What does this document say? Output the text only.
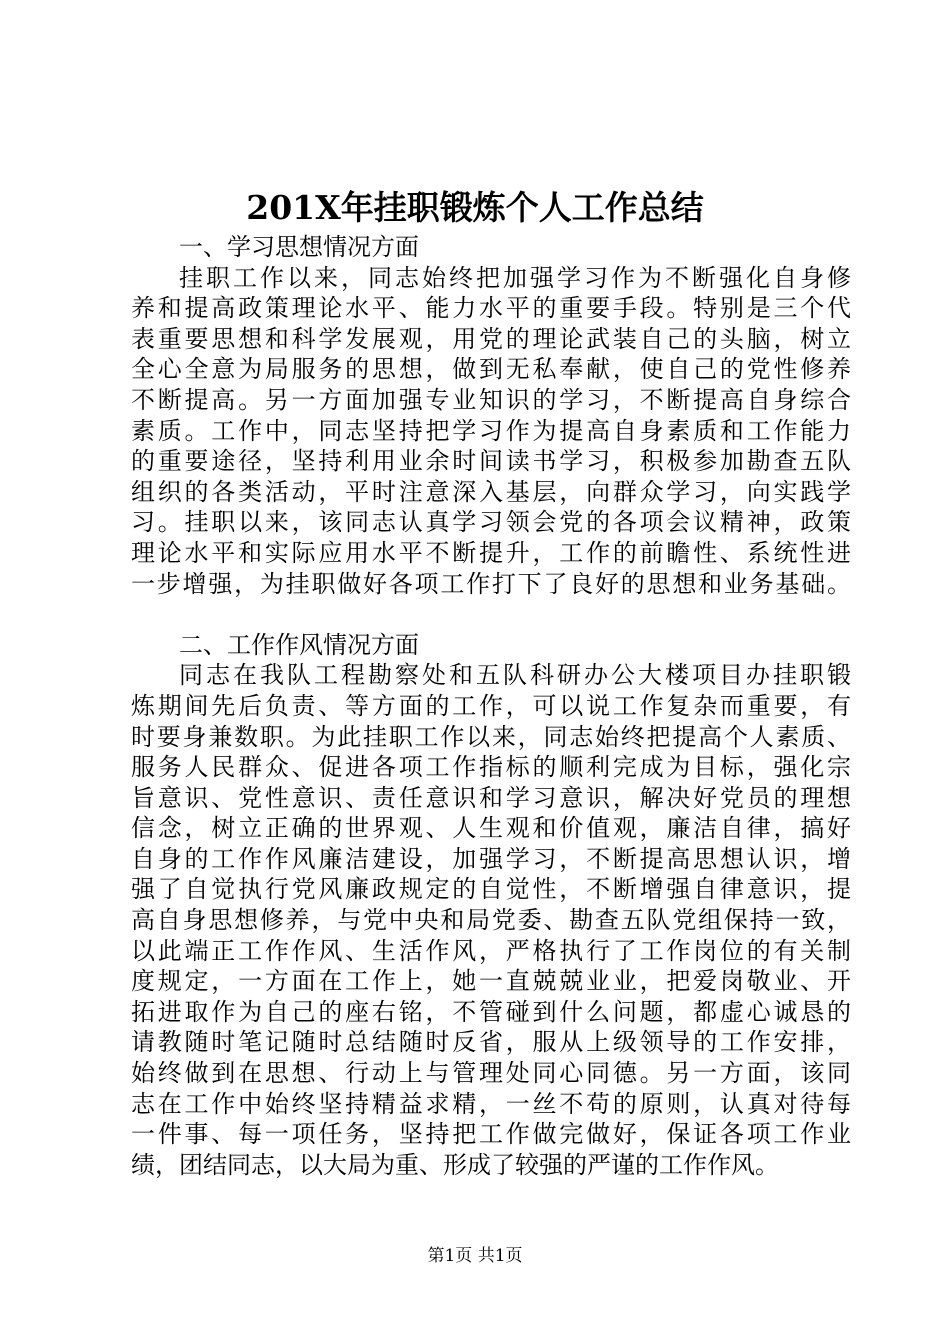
201X年挂职锻炼个人工作总结
一、学习思想情况方面
挂职工作以来，同志始终把加强学习作为不断强化自身修
养和提高政策理论水平、能力水平的重要手段。特别是三个代
表重要思想和科学发展观，用党的理论武装自己的头脑，树立
全心全意为局服务的思想，做到无私奉献，使自己的党性修养
不断提高。另一方面加强专业知识的学习，不断提高自身综合
素质。工作中，同志坚持把学习作为提高自身素质和工作能力
的重要途径，坚持利用业余时间读书学习，积极参加勘查五队
组织的各类活动，平时注意深入基层，向群众学习，向实践学
习。挂职以来，该同志认真学习领会党的各项会议精神，政策
理论水平和实际应用水平不断提升，工作的前瞻性、系统性进
一步增强，为挂职做好各项工作打下了良好的思想和业务基础。
二、工作作风情况方面
同志在我队工程勘察处和五队科研办公大楼项目办挂职锻
炼期间先后负责、等方面的工作，可以说工作复杂而重要，有
时要身兼数职。为此挂职工作以来，同志始终把提高个人素质、
服务人民群众、促进各项工作指标的顺利完成为目标，强化宗
旨意识、党性意识、责任意识和学习意识，解决好党员的理想
信念，树立正确的世界观、人生观和价值观，廉洁自律，搞好
自身的工作作风廉洁建设，加强学习，不断提高思想认识，增
强了自觉执行党风廉政规定的自觉性，不断增强自律意识，提
高自身思想修养，与党中央和局党委、勘查五队党组保持一致，
以此端正工作作风、生活作风，严格执行了工作岗位的有关制
度规定，一方面在工作上，她一直兢兢业业，把爱岗敬业、开
拓进取作为自己的座右铭，不管碰到什么问题，都虚心诚恳的
请教随时笔记随时总结随时反省，服从上级领导的工作安排，
始终做到在思想、行动上与管理处同心同德。另一方面，该同
志在工作中始终坚持精益求精，一丝不苟的原则，认真对待每
一件事、每一项任务，坚持把工作做完做好，保证各项工作业
绩，团结同志，以大局为重、形成了较强的严谨的工作作风。
第1页 共1页
